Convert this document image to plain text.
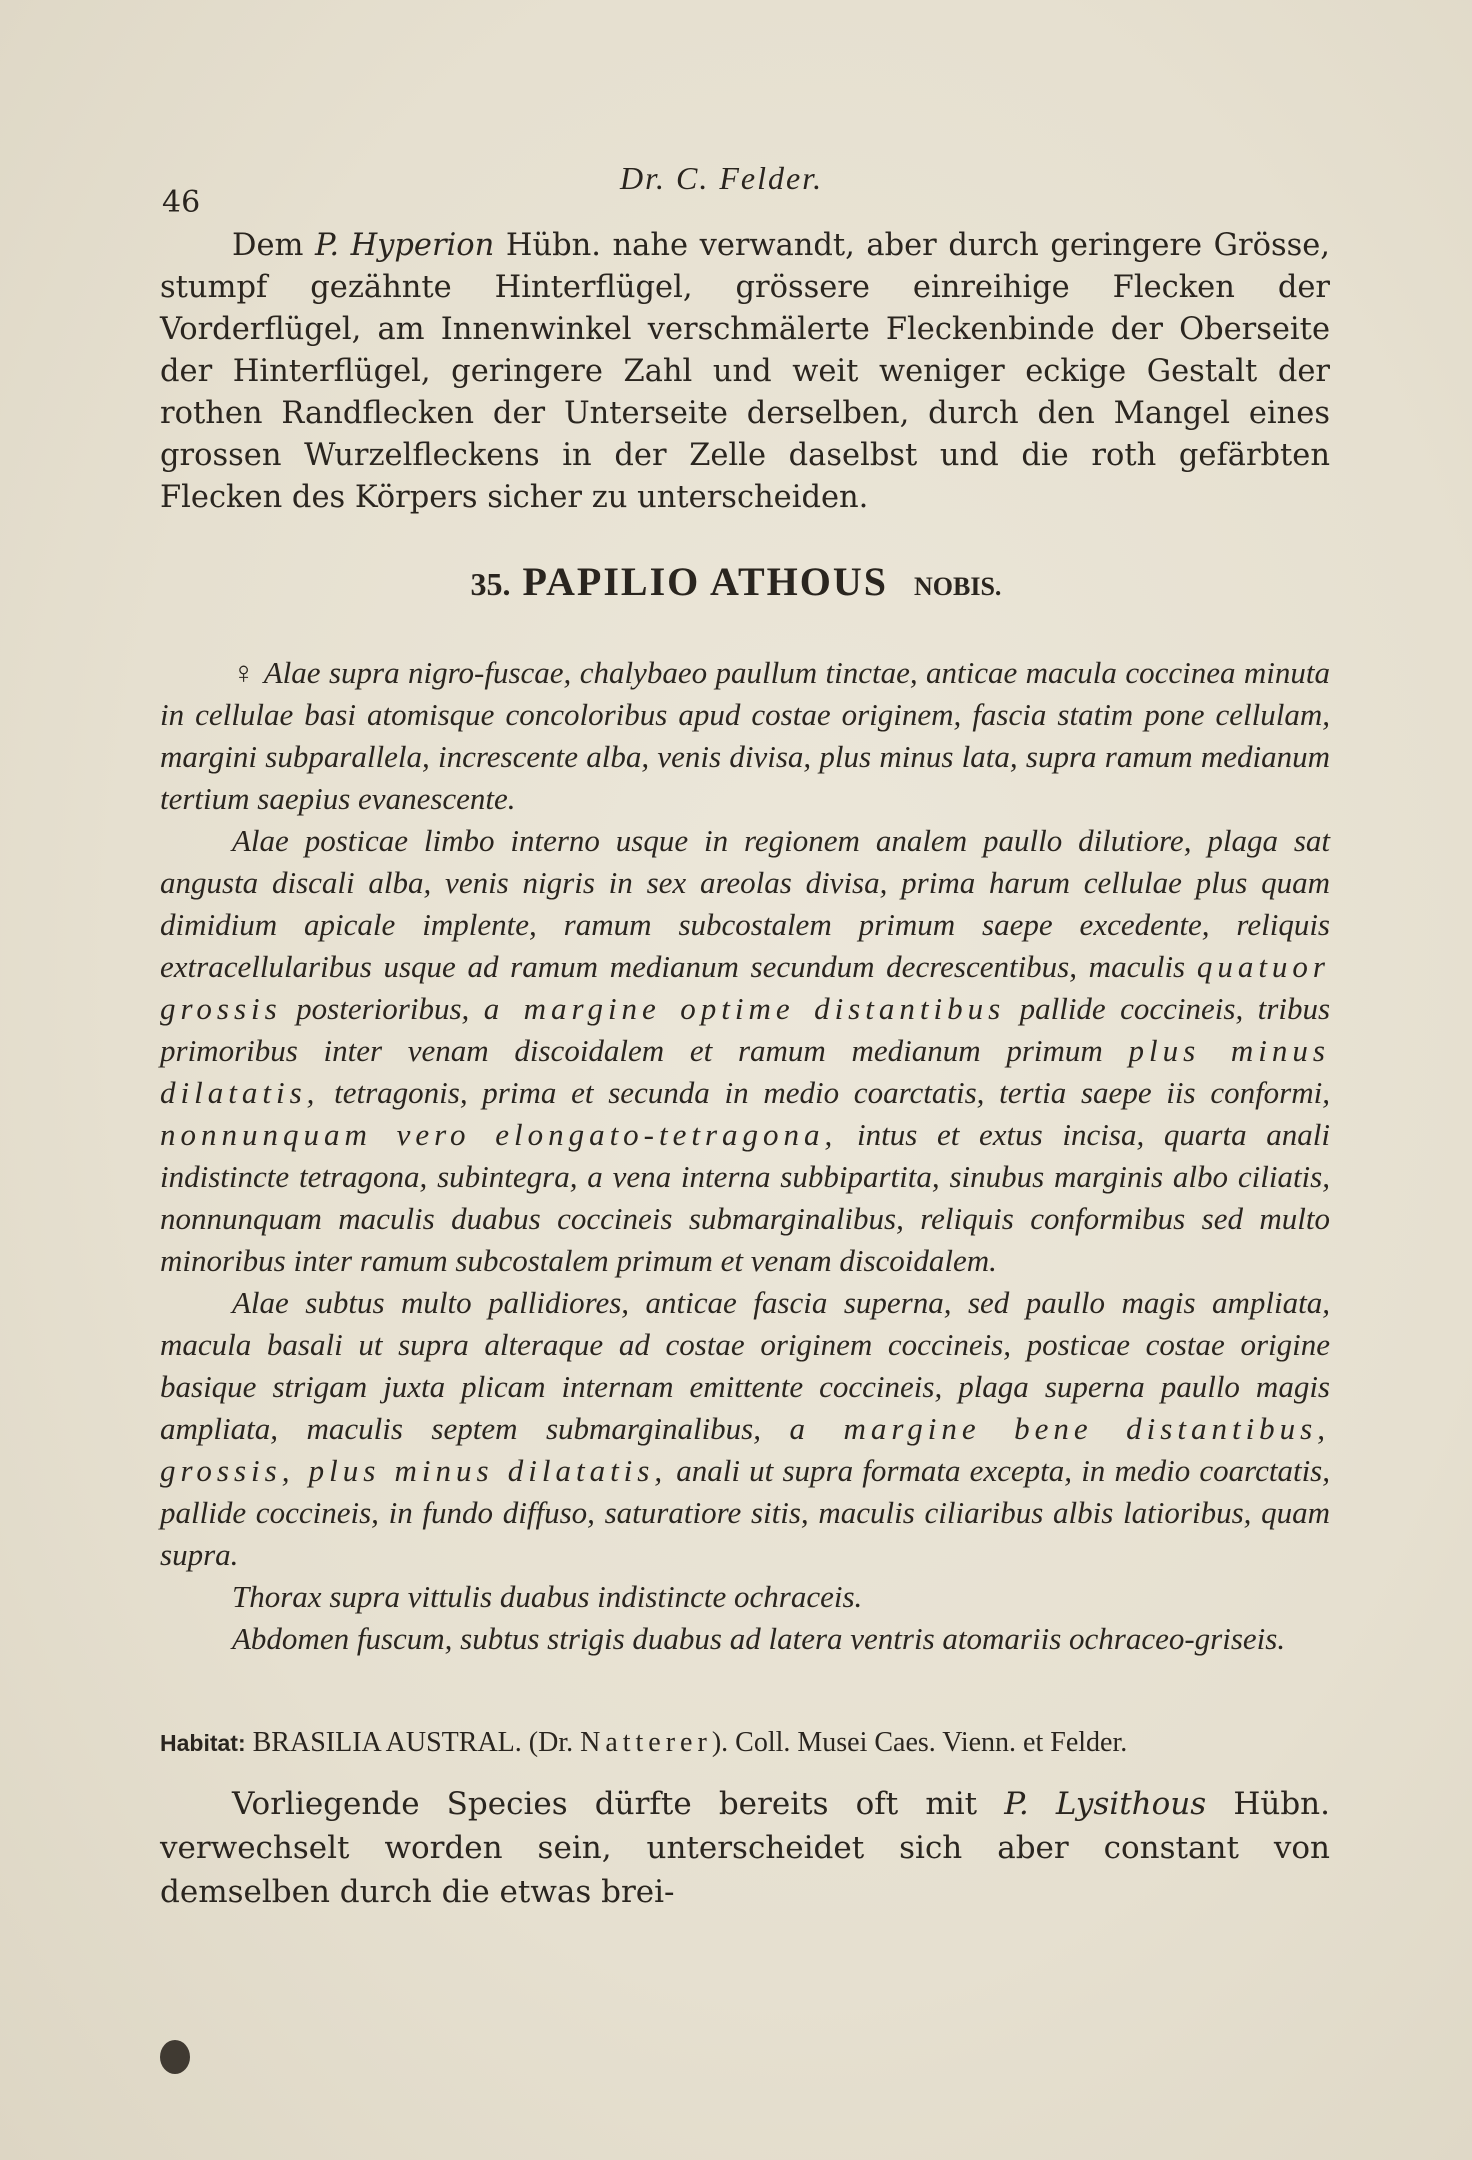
46
Dr. C. Felder.

Dem P. Hyperion Hübn. nahe verwandt, aber durch geringere Grösse, stumpf gezähnte Hinterflügel, grössere einreihige Flecken der Vorderflügel, am Innenwinkel verschmälerte Fleckenbinde der Oberseite der Hinterflügel, geringere Zahl und weit weniger eckige Gestalt der rothen Randflecken der Unterseite derselben, durch den Mangel eines grossen Wurzelfleckens in der Zelle daselbst und die roth gefärbten Flecken des Körpers sicher zu unterscheiden.

35. PAPILIO ATHOUS NOBIS.

♀ Alae supra nigro-fuscae, chalybaeo paullum tinctae, anticae macula coccinea minuta in cellulae basi atomisque concoloribus apud costae originem, fascia statim pone cellulam, margini subparallela, increscente alba, venis divisa, plus minus lata, supra ramum medianum tertium saepius evanescente.

Alae posticae limbo interno usque in regionem analem paullo dilutiore, plaga sat angusta discali alba, venis nigris in sex areolas divisa, prima harum cellulae plus quam dimidium apicale implente, ramum subcostalem primum saepe excedente, reliquis extracellularibus usque ad ramum medianum secundum decrescentibus, maculis quatuor grossis posterioribus, a margine optime distantibus pallide coccineis, tribus primoribus inter venam discoidalem et ramum medianum primum plus minus dilatatis, tetragonis, prima et secunda in medio coarctatis, tertia saepe iis conformi, nonnunquam vero elongato-tetragona, intus et extus incisa, quarta anali indistincte tetragona, subintegra, a vena interna subbipartita, sinubus marginis albo ciliatis, nonnunquam maculis duabus coccineis submarginalibus, reliquis conformibus sed multo minoribus inter ramum subcostalem primum et venam discoidalem.

Alae subtus multo pallidiores, anticae fascia superna, sed paullo magis ampliata, macula basali ut supra alteraque ad costae originem coccineis, posticae costae origine basique strigam juxta plicam internam emittente coccineis, plaga superna paullo magis ampliata, maculis septem submarginalibus, a margine bene distantibus, grossis, plus minus dilatatis, anali ut supra formata excepta, in medio coarctatis, pallide coccineis, in fundo diffuso, saturatiore sitis, maculis ciliaribus albis latioribus, quam supra.

Thorax supra vittulis duabus indistincte ochraceis.

Abdomen fuscum, subtus strigis duabus ad latera ventris atomariis ochraceo-griseis.

Habitat: BRASILIA AUSTRAL. (Dr. Natterer). Coll. Musei Caes. Vienn. et Felder.

Vorliegende Species dürfte bereits oft mit P. Lysithous Hübn. verwechselt worden sein, unterscheidet sich aber constant von demselben durch die etwas brei-
